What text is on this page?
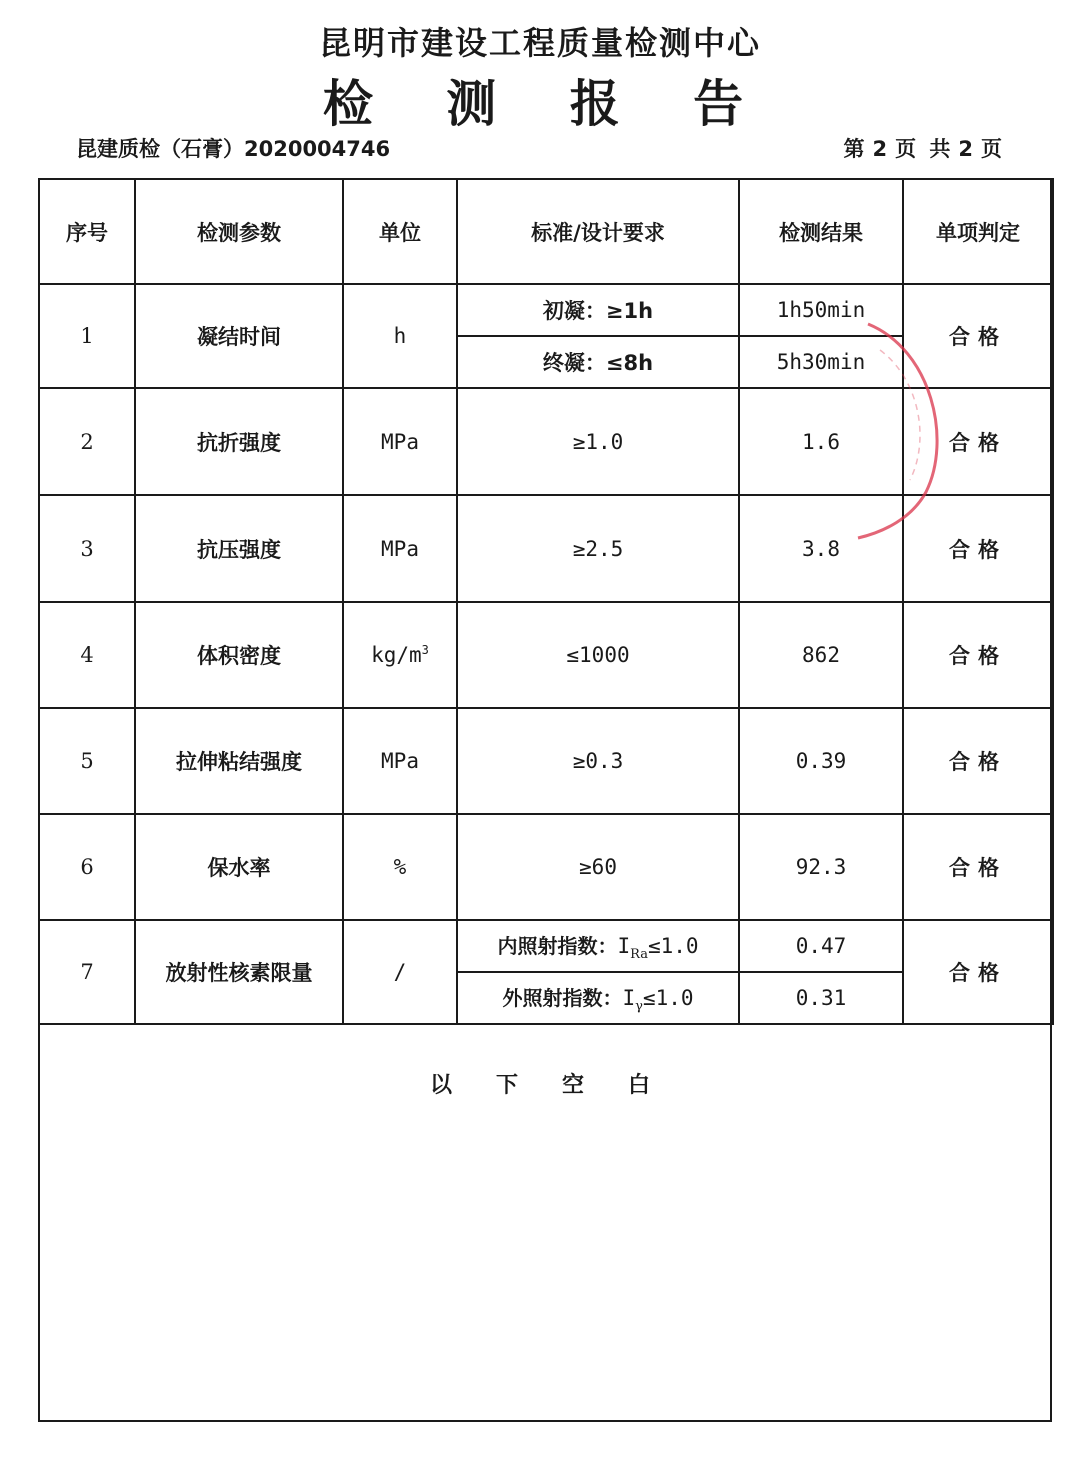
昆明市建设工程质量检测中心
检 测 报 告
昆建质检（石膏）2020004746	第 2 页 共 2 页
序号	检测参数	单位	标准/设计要求	检测结果	单项判定
1	凝结时间	h	初凝：≥1h	1h50min	合格
			终凝：≤8h	5h30min	
2	抗折强度	MPa	≥1.0	1.6	合格
3	抗压强度	MPa	≥2.5	3.8	合格
4	体积密度	$kg/m^3$	≤1000	862	合格
5	拉伸粘结强度	MPa	≥0.3	0.39	合格
6	保水率	%	≥60	92.3	合格
7	放射性核素限量	/	内照射指数：$I_{Ra}\le 1.0$	0.47	合格
			外照射指数：$I_\gamma\le 1.0$	0.31	
以下空白
